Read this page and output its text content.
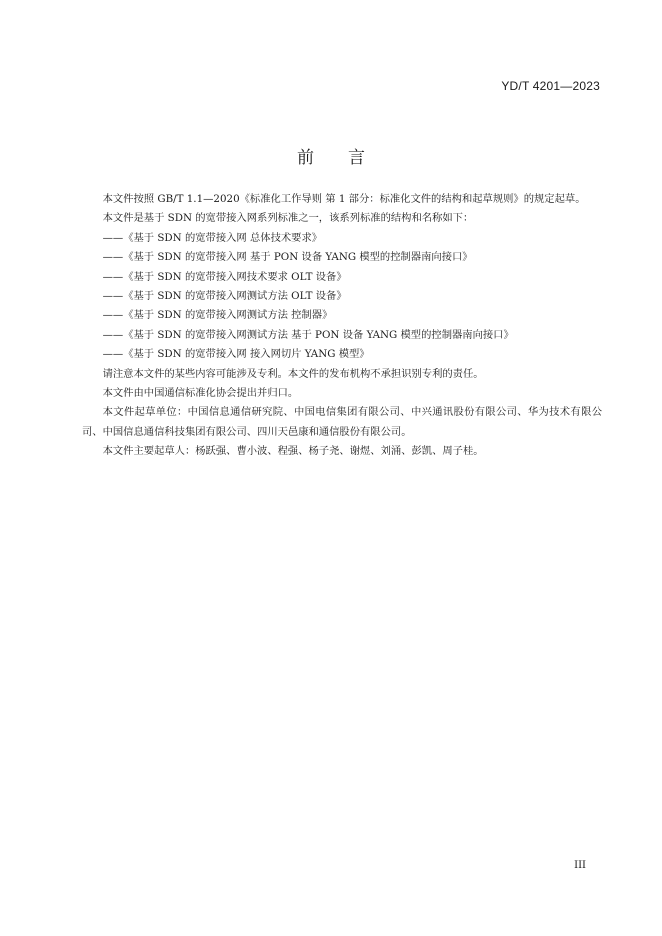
YD/T 4201—2023
前言

本文件按照 GB/T 1.1—2020《标准化工作导则 第 1 部分：标准化文件的结构和起草规则》的规定起草。

本文件是基于 SDN 的宽带接入网系列标准之一，该系列标准的结构和名称如下：

——《基于 SDN 的宽带接入网 总体技术要求》
——《基于 SDN 的宽带接入网 基于 PON 设备 YANG 模型的控制器南向接口》
——《基于 SDN 的宽带接入网技术要求 OLT 设备》
——《基于 SDN 的宽带接入网测试方法 OLT 设备》
——《基于 SDN 的宽带接入网测试方法 控制器》
——《基于 SDN 的宽带接入网测试方法 基于 PON 设备 YANG 模型的控制器南向接口》
——《基于 SDN 的宽带接入网 接入网切片 YANG 模型》

请注意本文件的某些内容可能涉及专利。本文件的发布机构不承担识别专利的责任。

本文件由中国通信标准化协会提出并归口。

本文件起草单位：中国信息通信研究院、中国电信集团有限公司、中兴通讯股份有限公司、华为技术有限公司、中国信息通信科技集团有限公司、四川天邑康和通信股份有限公司。

本文件主要起草人：杨跃强、曹小波、程强、杨子尧、谢煜、刘涌、彭凯、周子桂。

III
